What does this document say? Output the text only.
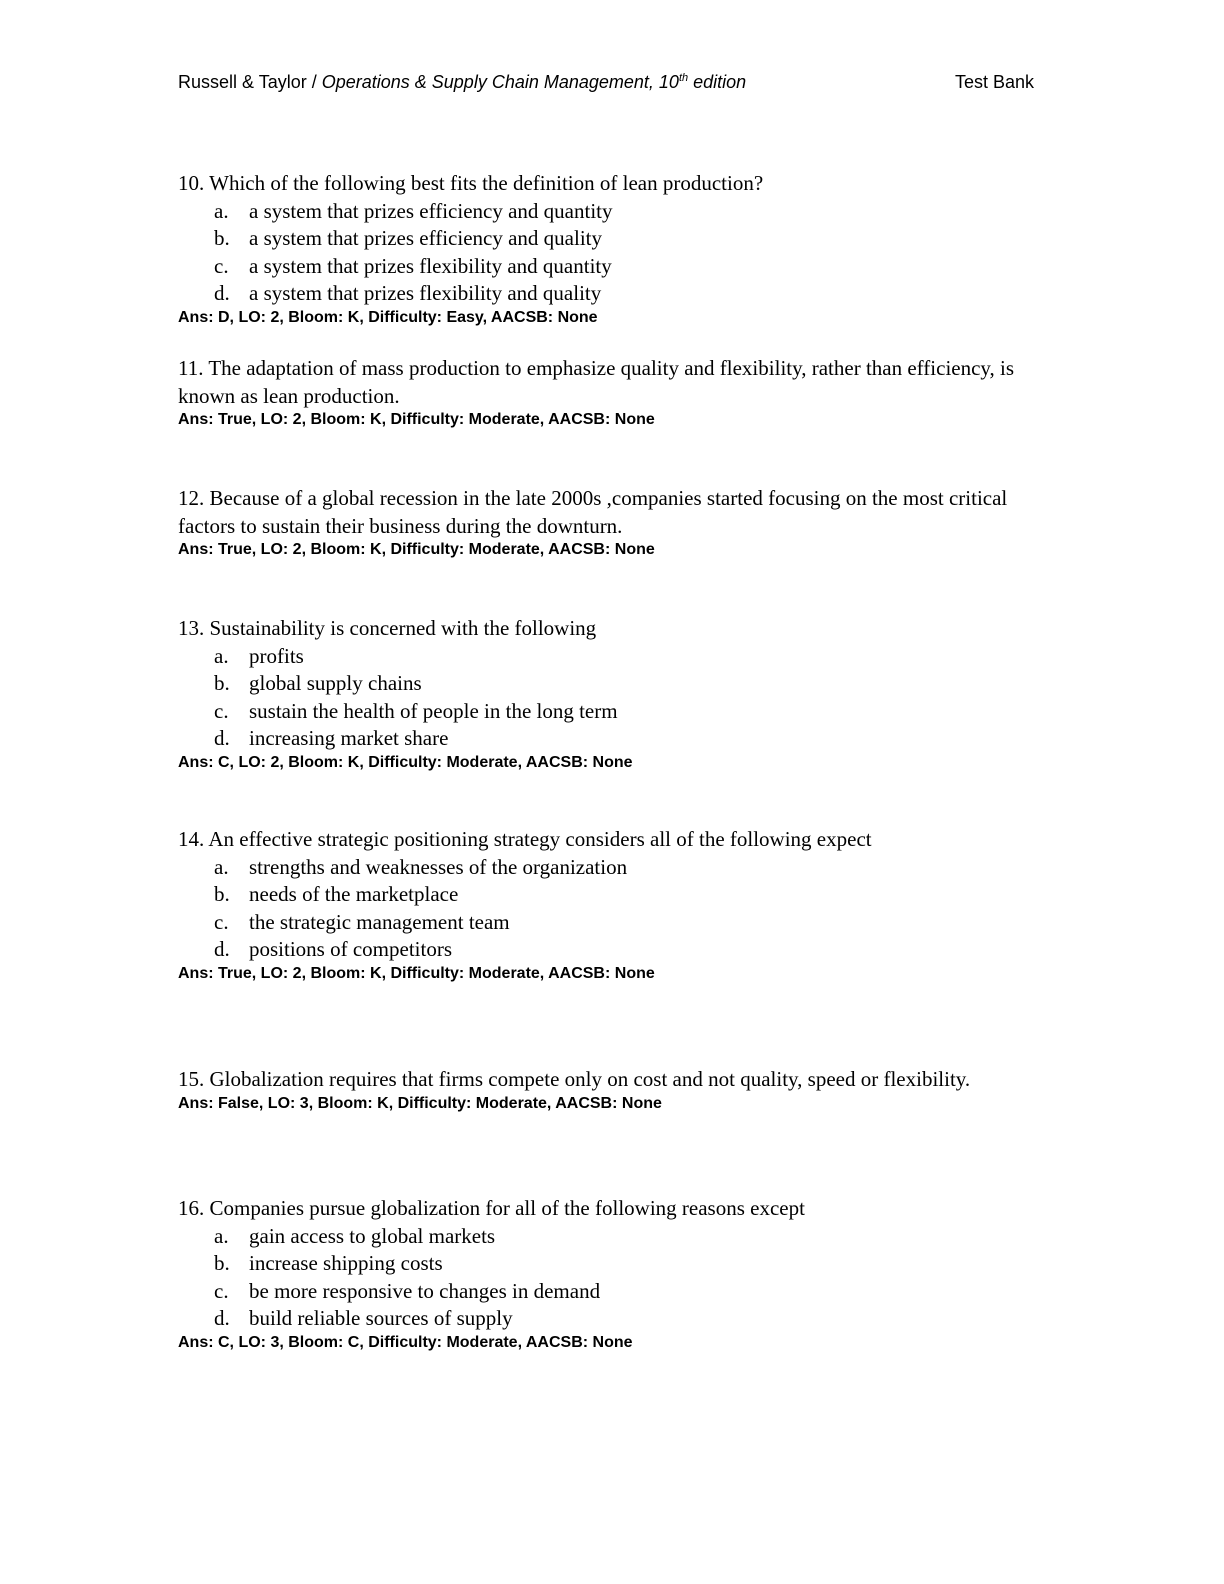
Russell & Taylor / Operations & Supply Chain Management, 10th edition	Test Bank
10. Which of the following best fits the definition of lean production?
a. a system that prizes efficiency and quantity
b. a system that prizes efficiency and quality
c. a system that prizes flexibility and quantity
d. a system that prizes flexibility and quality
Ans: D, LO: 2, Bloom: K, Difficulty: Easy, AACSB: None
11. The adaptation of mass production to emphasize quality and flexibility, rather than efficiency, is known as lean production.
Ans: True, LO: 2, Bloom: K, Difficulty: Moderate, AACSB: None
12. Because of a global recession in the late 2000s ,companies started focusing on the most critical factors to sustain their business during the downturn.
Ans: True, LO: 2, Bloom: K, Difficulty: Moderate, AACSB: None
13. Sustainability is concerned with the following
a. profits
b. global supply chains
c. sustain the health of people in the long term
d. increasing market share
Ans: C, LO: 2, Bloom: K, Difficulty: Moderate, AACSB: None
14. An effective strategic positioning strategy considers all of the following expect
a. strengths and weaknesses of the organization
b. needs of the marketplace
c. the strategic management team
d. positions of competitors
Ans: True, LO: 2, Bloom: K, Difficulty: Moderate, AACSB: None
15. Globalization requires that firms compete only on cost and not quality, speed or flexibility.
Ans: False, LO: 3, Bloom: K, Difficulty: Moderate, AACSB: None
16. Companies pursue globalization for all of the following reasons except
a. gain access to global markets
b. increase shipping costs
c. be more responsive to changes in demand
d. build reliable sources of supply
Ans: C, LO: 3, Bloom: C, Difficulty: Moderate, AACSB: None
